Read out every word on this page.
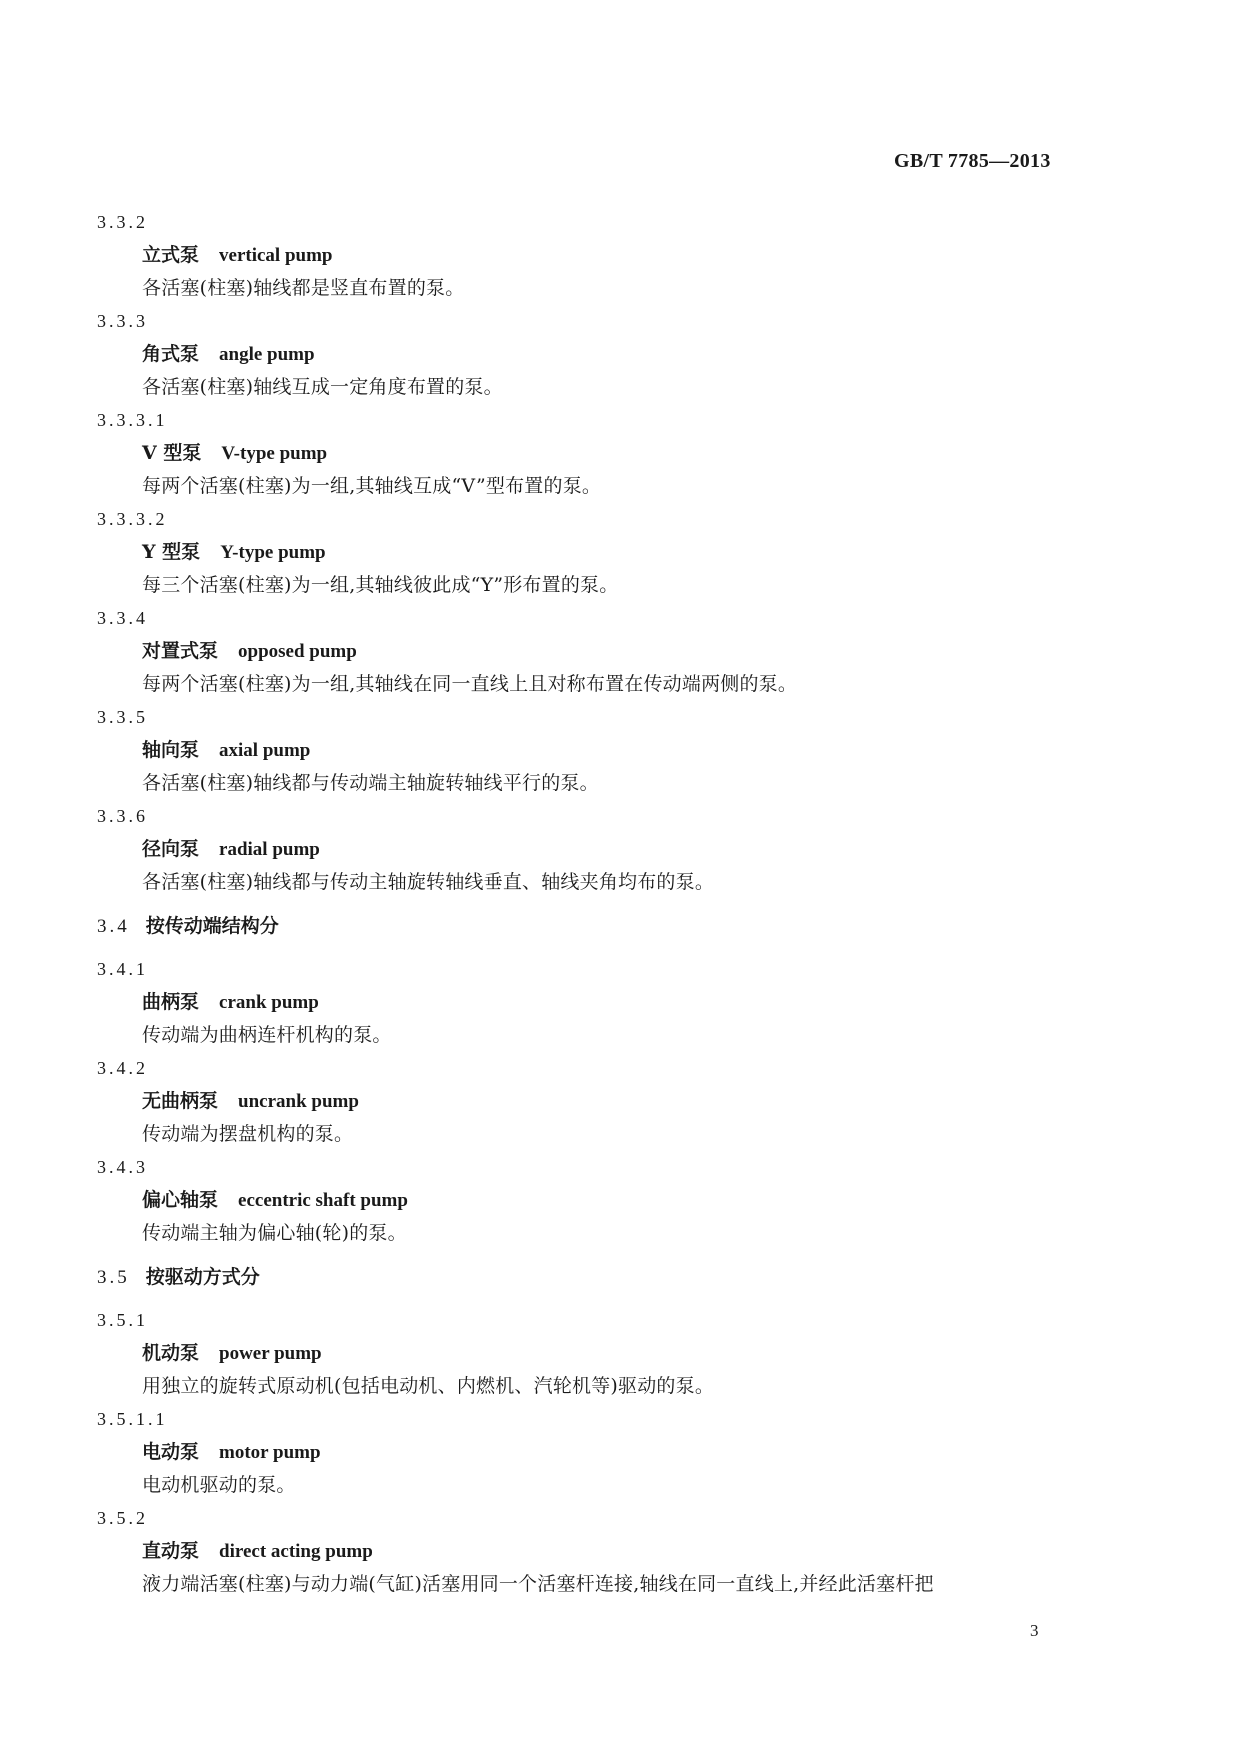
GB/T 7785—2013
3.3.2
立式泵 vertical pump
各活塞(柱塞)轴线都是竖直布置的泵。
3.3.3
角式泵 angle pump
各活塞(柱塞)轴线互成一定角度布置的泵。
3.3.3.1
V 型泵 V-type pump
每两个活塞(柱塞)为一组,其轴线互成“V”型布置的泵。
3.3.3.2
Y 型泵 Y-type pump
每三个活塞(柱塞)为一组,其轴线彼此成“Y”形布置的泵。
3.3.4
对置式泵 opposed pump
每两个活塞(柱塞)为一组,其轴线在同一直线上且对称布置在传动端两侧的泵。
3.3.5
轴向泵 axial pump
各活塞(柱塞)轴线都与传动端主轴旋转轴线平行的泵。
3.3.6
径向泵 radial pump
各活塞(柱塞)轴线都与传动主轴旋转轴线垂直、轴线夹角均布的泵。
3.4 按传动端结构分
3.4.1
曲柄泵 crank pump
传动端为曲柄连杆机构的泵。
3.4.2
无曲柄泵 uncrank pump
传动端为摆盘机构的泵。
3.4.3
偏心轴泵 eccentric shaft pump
传动端主轴为偏心轴(轮)的泵。
3.5 按驱动方式分
3.5.1
机动泵 power pump
用独立的旋转式原动机(包括电动机、内燃机、汽轮机等)驱动的泵。
3.5.1.1
电动泵 motor pump
电动机驱动的泵。
3.5.2
直动泵 direct acting pump
液力端活塞(柱塞)与动力端(气缸)活塞用同一个活塞杆连接,轴线在同一直线上,并经此活塞杆把
3
